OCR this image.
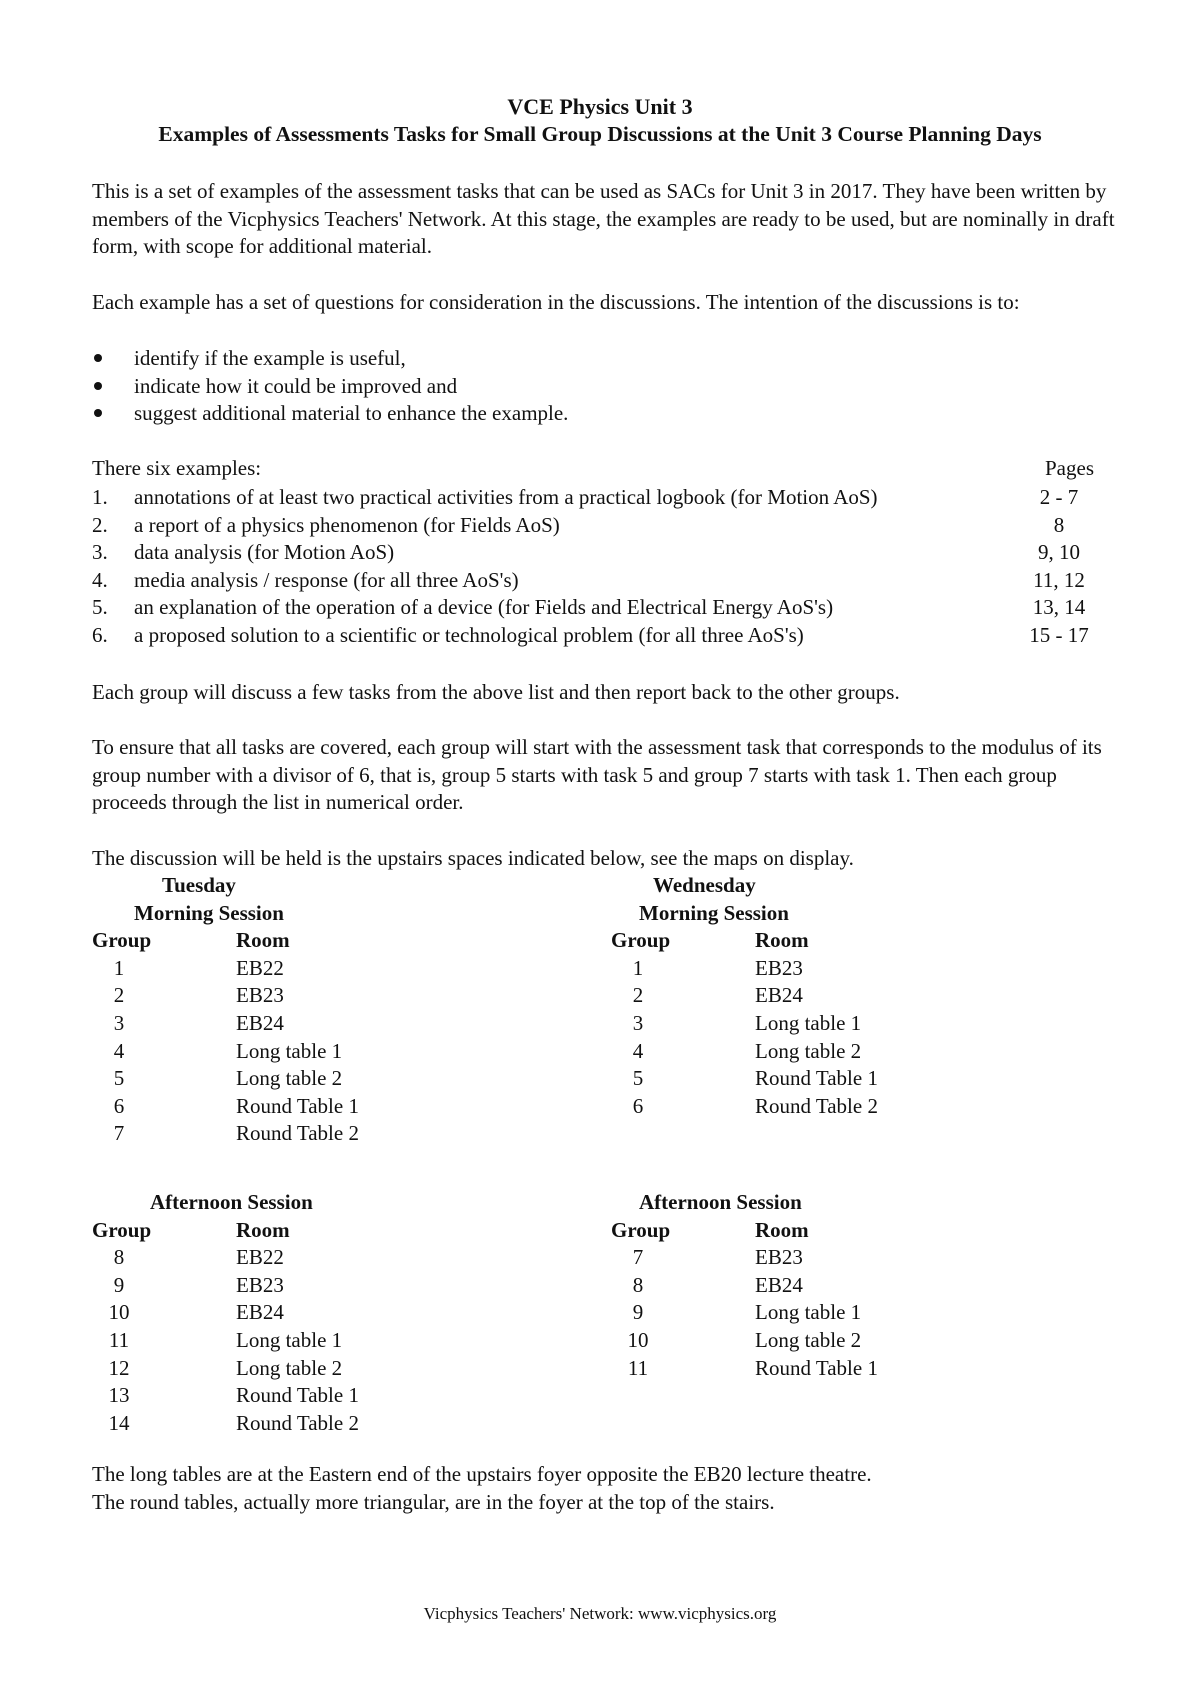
VCE Physics Unit 3
Examples of Assessments Tasks for Small Group Discussions at the Unit 3 Course Planning Days

This is a set of examples of the assessment tasks that can be used as SACs for Unit 3 in 2017. They have been written by members of the Vicphysics Teachers' Network. At this stage, the examples are ready to be used, but are nominally in draft form, with scope for additional material.

Each example has a set of questions for consideration in the discussions. The intention of the discussions is to:

identify if the example is useful,
indicate how it could be improved and
suggest additional material to enhance the example.
There six examples:	Pages
1. annotations of at least two practical activities from a practical logbook (for Motion AoS)	2 - 7
2. a report of a physics phenomenon (for Fields AoS)	8
3. data analysis (for Motion AoS)	9, 10
4. media analysis / response (for all three AoS's)	11, 12
5. an explanation of the operation of a device (for Fields and Electrical Energy AoS's)	13, 14
6. a proposed solution to a scientific or technological problem (for all three AoS's)	15 - 17

Each group will discuss a few tasks from the above list and then report back to the other groups.

To ensure that all tasks are covered, each group will start with the assessment task that corresponds to the modulus of its group number with a divisor of 6, that is, group 5 starts with task 5 and group 7 starts with task 1. Then each group proceeds through the list in numerical order.

The discussion will be held is the upstairs spaces indicated below, see the maps on display.

Tuesday
Morning Session
Group	Room
1	EB22
2	EB23
3	EB24
4	Long table 1
5	Long table 2
6	Round Table 1
7	Round Table 2
Afternoon Session
Group	Room
8	EB22
9	EB23
10	EB24
11	Long table 1
12	Long table 2
13	Round Table 1
14	Round Table 2
Wednesday
Morning Session
Group	Room
1	EB23
2	EB24
3	Long table 1
4	Long table 2
5	Round Table 1
6	Round Table 2
Afternoon Session
Group	Room
7	EB23
8	EB24
9	Long table 1
10	Long table 2
11	Round Table 1

The long tables are at the Eastern end of the upstairs foyer opposite the EB20 lecture theatre.
The round tables, actually more triangular, are in the foyer at the top of the stairs.

Vicphysics Teachers' Network: www.vicphysics.org
